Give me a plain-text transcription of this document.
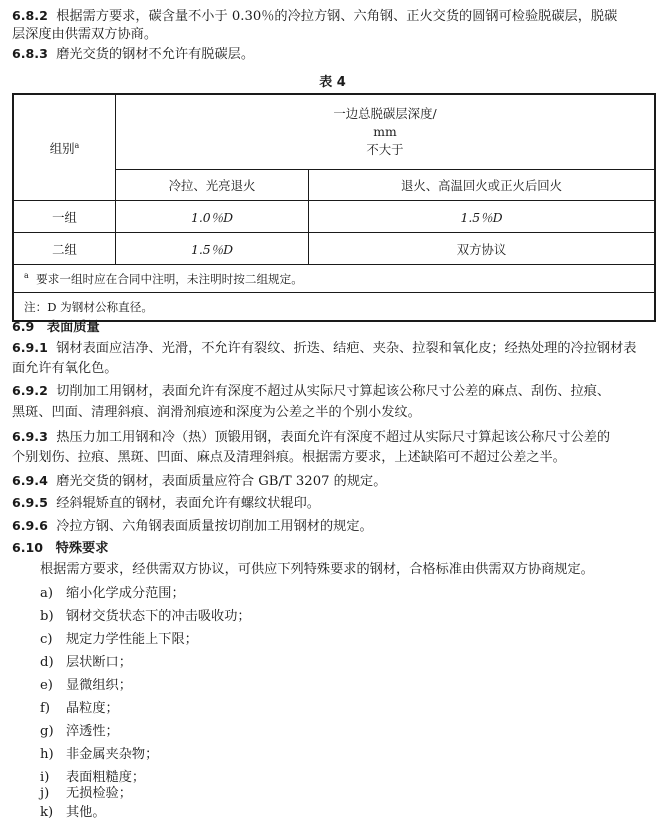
6.8.2 根据需方要求，碳含量不小于 0.30％的冷拉方钢、六角钢、正火交货的圆钢可检验脱碳层，脱碳
层深度由供需双方协商。
6.8.3 磨光交货的钢材不允许有脱碳层。
表 4
组别$^a$	一边总脱碳层深度/
mm
不大于	

	冷拉、光亮退火	退火、高温回火或正火后回火
一组	1.0％D	1.5％D
二组	1.5％D	双方协议
$^a$ 要求一组时应在合同中注明，未注明时按二组规定。		
注：D 为钢材公称直径。		
6.9 表面质量
6.9.1 钢材表面应洁净、光滑，不允许有裂纹、折迭、结疤、夹杂、拉裂和氧化皮；经热处理的冷拉钢材表
面允许有氧化色。
6.9.2 切削加工用钢材，表面允许有深度不超过从实际尺寸算起该公称尺寸公差的麻点、刮伤、拉痕、
黑斑、凹面、清理斜痕、润滑剂痕迹和深度为公差之半的个别小发纹。
6.9.3 热压力加工用钢和冷（热）顶锻用钢，表面允许有深度不超过从实际尺寸算起该公称尺寸公差的
个别划伤、拉痕、黑斑、凹面、麻点及清理斜痕。根据需方要求，上述缺陷可不超过公差之半。
6.9.4 磨光交货的钢材，表面质量应符合 GB/T 3207 的规定。
6.9.5 经斜辊矫直的钢材，表面允许有螺纹状辊印。
6.9.6 冷拉方钢、六角钢表面质量按切削加工用钢材的规定。
6.10 特殊要求
根据需方要求，经供需双方协议，可供应下列特殊要求的钢材，合格标准由供需双方协商规定。
a) 缩小化学成分范围；
b) 钢材交货状态下的冲击吸收功；
c) 规定力学性能上下限；
d) 层状断口；
e) 显微组织；
f) 晶粒度；
g) 淬透性；
h) 非金属夹杂物；
i) 表面粗糙度；
j) 无损检验；
k) 其他。
